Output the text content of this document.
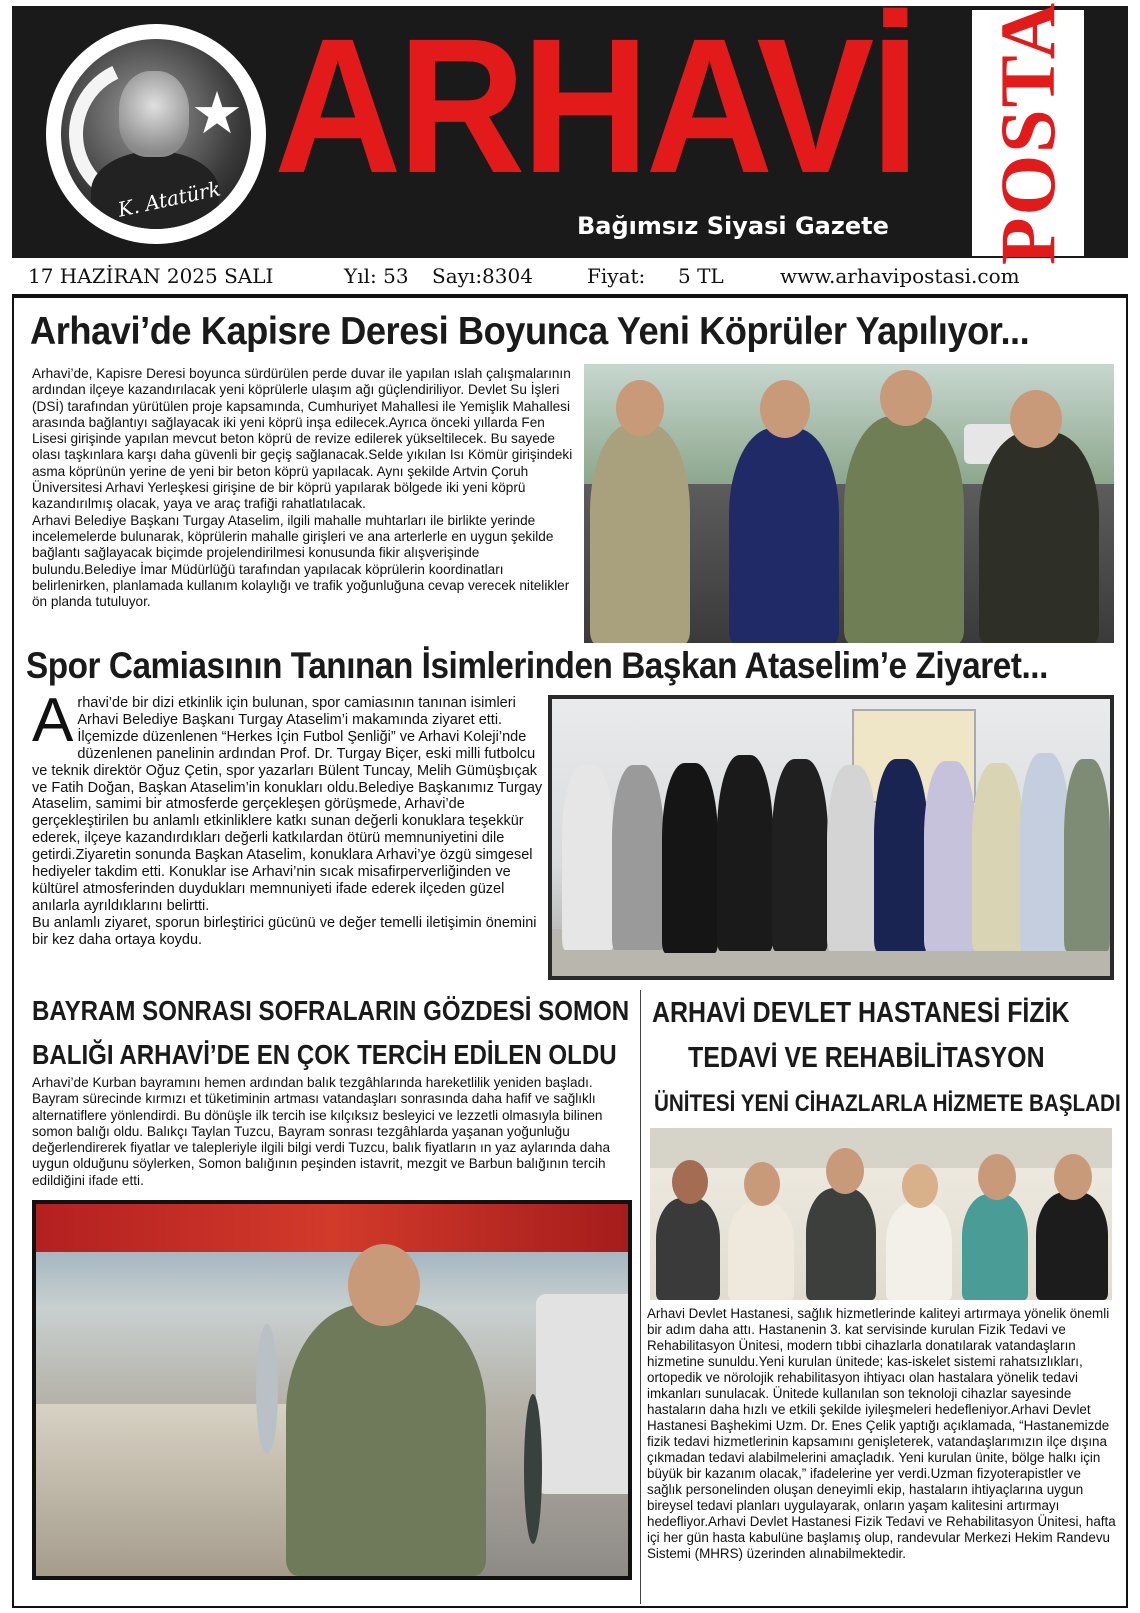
★
K. Atatürk ARHAVİ
Bağımsız Siyasi Gazete POSTA
17 HAZİRAN 2025 SALI	Yıl: 53 Sayı:8304	Fiyat: 5 TL	www.arhavipostasi.com
Arhavi’de Kapisre Deresi Boyunca Yeni Köprüler Yapılıyor...

Arhavi’de, Kapisre Deresi boyunca sürdürülen perde duvar ile yapılan ıslah çalışmalarının ardından ilçeye kazandırılacak yeni köprülerle ulaşım ağı güçlendiriliyor. Devlet Su İşleri (DSİ) tarafından yürütülen proje kapsamında, Cumhuriyet Mahallesi ile Yemişlik Mahallesi arasında bağlantıyı sağlayacak iki yeni köprü inşa edilecek.Ayrıca önceki yıllarda Fen Lisesi girişinde yapılan mevcut beton köprü de revize edilerek yükseltilecek. Bu sayede olası taşkınlara karşı daha güvenli bir geçiş sağlanacak.Selde yıkılan Isı Kömür girişindeki asma köprünün yerine de yeni bir beton köprü yapılacak. Aynı şekilde Artvin Çoruh Üniversitesi Arhavi Yerleşkesi girişine de bir köprü yapılarak bölgede iki yeni köprü kazandırılmış olacak, yaya ve araç trafiği rahatlatılacak.

Arhavi Belediye Başkanı Turgay Ataselim, ilgili mahalle muhtarları ile birlikte yerinde incelemelerde bulunarak, köprülerin mahalle girişleri ve ana arterlerle en uygun şekilde bağlantı sağlayacak biçimde projelendirilmesi konusunda fikir alışverişinde bulundu.Belediye İmar Müdürlüğü tarafından yapılacak köprülerin koordinatları belirlenirken, planlamada kullanım kolaylığı ve trafik yoğunluğuna cevap verecek nitelikler ön planda tutuluyor.

Spor Camiasının Tanınan İsimlerinden Başkan Ataselim’e Ziyaret...
A rhavi’de bir dizi etkinlik için bulunan, spor camiasının tanınan isimleri Arhavi Belediye Başkanı Turgay Ataselim’i makamında ziyaret etti. İlçemizde düzenlenen “Herkes İçin Futbol Şenliği” ve Arhavi Koleji’nde düzenlenen panelinin ardından Prof. Dr. Turgay Biçer, eski milli futbolcu ve teknik direktör Oğuz Çetin, spor yazarları Bülent Tuncay, Melih Gümüşbıçak ve Fatih Doğan, Başkan Ataselim’in konukları oldu.Belediye Başkanımız Turgay Ataselim, samimi bir atmosferde gerçekleşen görüşmede, Arhavi’de gerçekleştirilen bu anlamlı etkinliklere katkı sunan değerli konuklara teşekkür ederek, ilçeye kazandırdıkları değerli katkılardan ötürü memnuniyetini dile getirdi.Ziyaretin sonunda Başkan Ataselim, konuklara Arhavi’ye özgü simgesel hediyeler takdim etti. Konuklar ise Arhavi’nin sıcak misafirperverliğinden ve kültürel atmosferinden duydukları memnuniyeti ifade ederek ilçeden güzel anılarla ayrıldıklarını belirtti.

Bu anlamlı ziyaret, sporun birleştirici gücünü ve değer temelli iletişimin önemini bir kez daha ortaya koydu.

BAYRAM SONRASI SOFRALARIN GÖZDESİ SOMON
BALIĞI ARHAVİ’DE EN ÇOK TERCİH EDİLEN OLDU

Arhavi’de Kurban bayramını hemen ardından balık tezgâhlarında hareketlilik yeniden başladı. Bayram sürecinde kırmızı et tüketiminin artması vatandaşları sonrasında daha hafif ve sağlıklı alternatiflere yönlendirdi. Bu dönüşle ilk tercih ise kılçıksız besleyici ve lezzetli olmasıyla bilinen somon balığı oldu. Balıkçı Taylan Tuzcu, Bayram sonrası tezgâhlarda yaşanan yoğunluğu değerlendirerek fiyatlar ve talepleriyle ilgili bilgi verdi Tuzcu, balık fiyatların ın yaz aylarında daha uygun olduğunu söylerken, Somon balığının peşinden istavrit, mezgit ve Barbun balığının tercih edildiğini ifade etti.

ARHAVİ DEVLET HASTANESİ FİZİK
TEDAVİ VE REHABİLİTASYON
ÜNİTESİ YENİ CİHAZLARLA HİZMETE BAŞLADI

Arhavi Devlet Hastanesi, sağlık hizmetlerinde kaliteyi artırmaya yönelik önemli bir adım daha attı. Hastanenin 3. kat servisinde kurulan Fizik Tedavi ve Rehabilitasyon Ünitesi, modern tıbbi cihazlarla donatılarak vatandaşların hizmetine sunuldu.Yeni kurulan ünitede; kas-iskelet sistemi rahatsızlıkları, ortopedik ve nörolojik rehabilitasyon ihtiyacı olan hastalara yönelik tedavi imkanları sunulacak. Ünitede kullanılan son teknoloji cihazlar sayesinde hastaların daha hızlı ve etkili şekilde iyileşmeleri hedefleniyor.Arhavi Devlet Hastanesi Başhekimi Uzm. Dr. Enes Çelik yaptığı açıklamada, “Hastanemizde fizik tedavi hizmetlerinin kapsamını genişleterek, vatandaşlarımızın ilçe dışına çıkmadan tedavi alabilmelerini amaçladık. Yeni kurulan ünite, bölge halkı için büyük bir kazanım olacak,” ifadelerine yer verdi.Uzman fizyoterapistler ve sağlık personelinden oluşan deneyimli ekip, hastaların ihtiyaçlarına uygun bireysel tedavi planları uygulayarak, onların yaşam kalitesini artırmayı hedefliyor.Arhavi Devlet Hastanesi Fizik Tedavi ve Rehabilitasyon Ünitesi, hafta içi her gün hasta kabulüne başlamış olup, randevular Merkezi Hekim Randevu Sistemi (MHRS) üzerinden alınabilmektedir.
